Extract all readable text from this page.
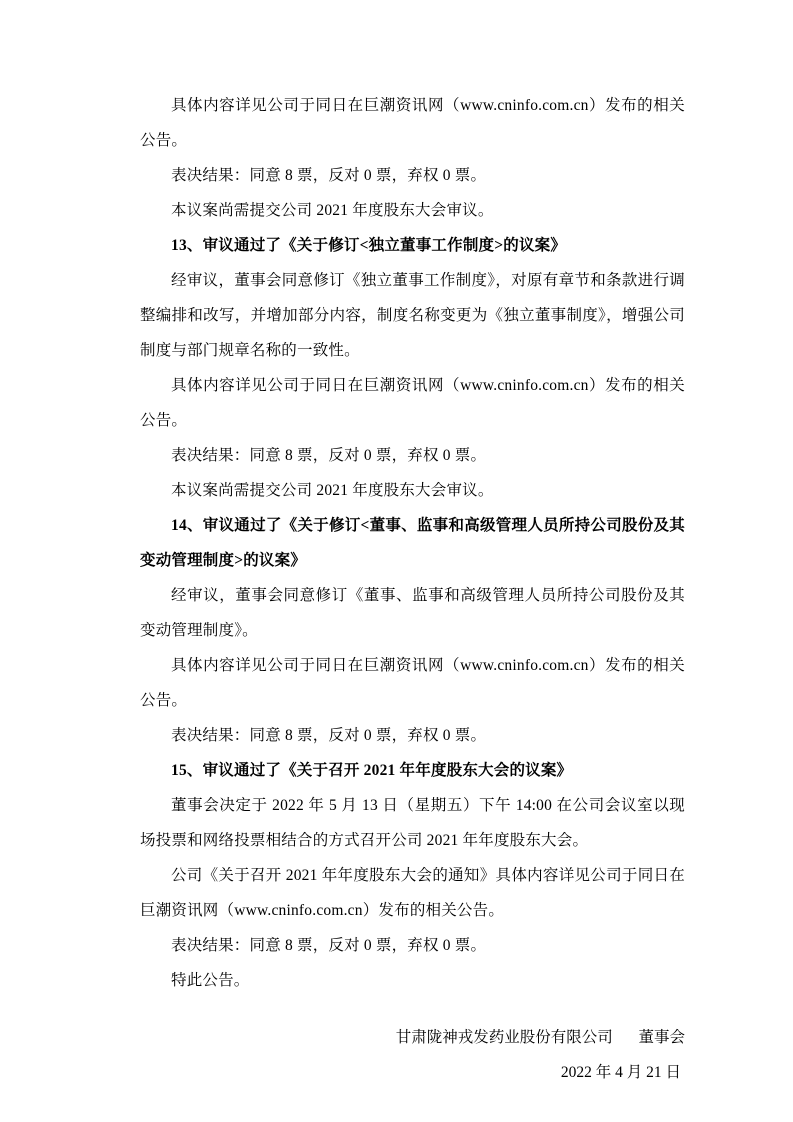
具体内容详见公司于同日在巨潮资讯网（www.cninfo.com.cn）发布的相关公告。

表决结果：同意 8 票，反对 0 票，弃权 0 票。

本议案尚需提交公司 2021 年度股东大会审议。

13、审议通过了《关于修订<独立董事工作制度>的议案》

经审议，董事会同意修订《独立董事工作制度》，对原有章节和条款进行调整编排和改写，并增加部分内容，制度名称变更为《独立董事制度》，增强公司制度与部门规章名称的一致性。

具体内容详见公司于同日在巨潮资讯网（www.cninfo.com.cn）发布的相关公告。

表决结果：同意 8 票，反对 0 票，弃权 0 票。

本议案尚需提交公司 2021 年度股东大会审议。

14、审议通过了《关于修订<董事、监事和高级管理人员所持公司股份及其变动管理制度>的议案》

经审议，董事会同意修订《董事、监事和高级管理人员所持公司股份及其变动管理制度》。

具体内容详见公司于同日在巨潮资讯网（www.cninfo.com.cn）发布的相关公告。

表决结果：同意 8 票，反对 0 票，弃权 0 票。

15、审议通过了《关于召开 2021 年年度股东大会的议案》

董事会决定于 2022 年 5 月 13 日（星期五）下午 14:00 在公司会议室以现场投票和网络投票相结合的方式召开公司 2021 年年度股东大会。

公司《关于召开 2021 年年度股东大会的通知》具体内容详见公司于同日在巨潮资讯网（www.cninfo.com.cn）发布的相关公告。

表决结果：同意 8 票，反对 0 票，弃权 0 票。

特此公告。

甘肃陇神戎发药业股份有限公司 董事会
2022 年 4 月 21 日
